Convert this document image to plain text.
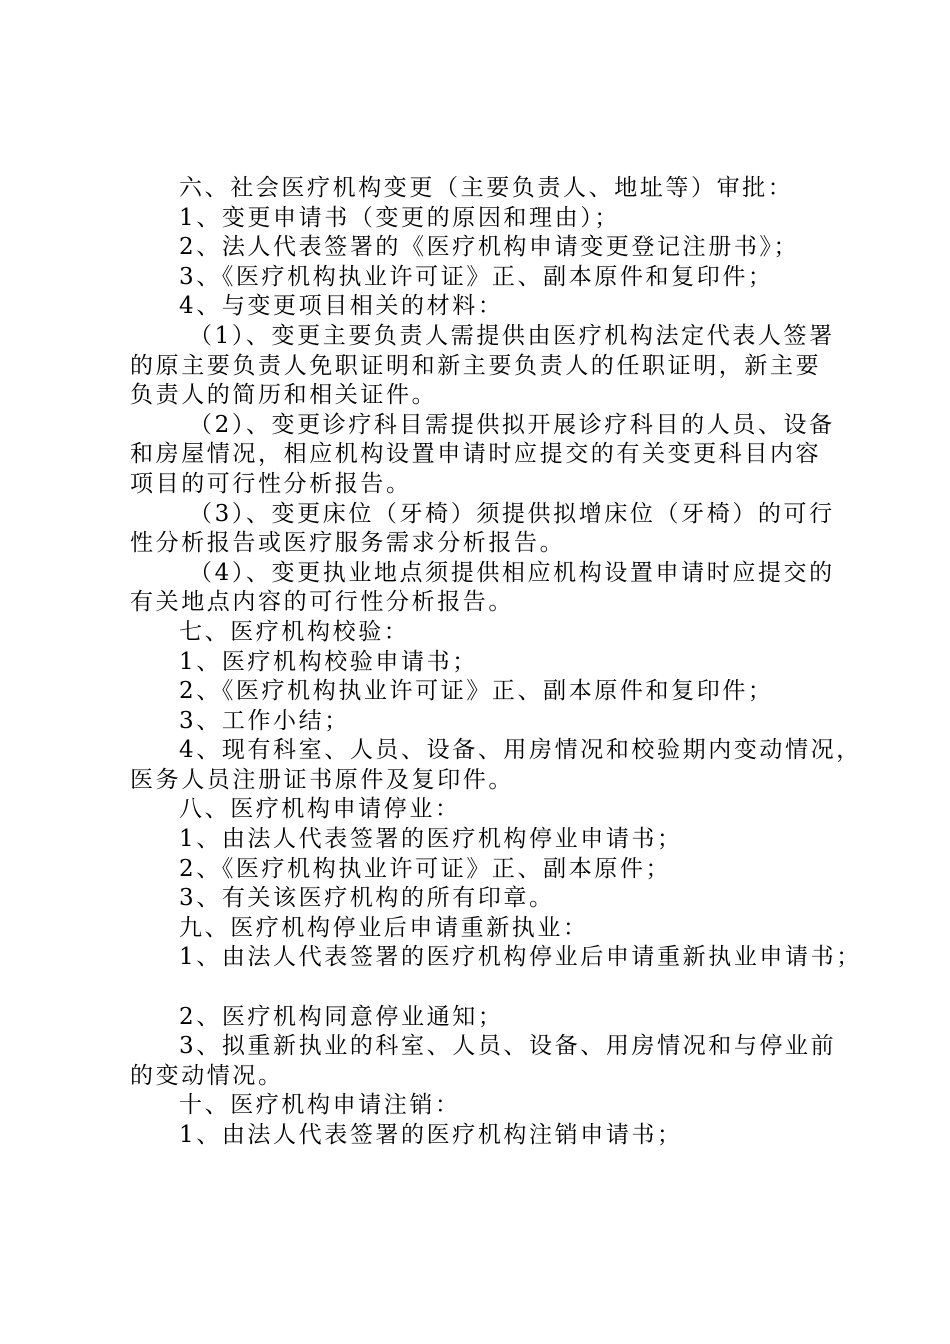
六、社会医疗机构变更（主要负责人、地址等）审批：
1、变更申请书（变更的原因和理由）；
2、法人代表签署的《医疗机构申请变更登记注册书》；
3、《医疗机构执业许可证》正、副本原件和复印件；
4、与变更项目相关的材料：
（1）、变更主要负责人需提供由医疗机构法定代表人签署
的原主要负责人免职证明和新主要负责人的任职证明，新主要
负责人的简历和相关证件。
（2）、变更诊疗科目需提供拟开展诊疗科目的人员、设备
和房屋情况，相应机构设置申请时应提交的有关变更科目内容
项目的可行性分析报告。
（3）、变更床位（牙椅）须提供拟增床位（牙椅）的可行
性分析报告或医疗服务需求分析报告。
（4）、变更执业地点须提供相应机构设置申请时应提交的
有关地点内容的可行性分析报告。
七、医疗机构校验：
1、医疗机构校验申请书；
2、《医疗机构执业许可证》正、副本原件和复印件；
3、工作小结；
4、现有科室、人员、设备、用房情况和校验期内变动情况，
医务人员注册证书原件及复印件。
八、医疗机构申请停业：
1、由法人代表签署的医疗机构停业申请书；
2、《医疗机构执业许可证》正、副本原件；
3、有关该医疗机构的所有印章。
九、医疗机构停业后申请重新执业：
1、由法人代表签署的医疗机构停业后申请重新执业申请书；
2、医疗机构同意停业通知；
3、拟重新执业的科室、人员、设备、用房情况和与停业前
的变动情况。
十、医疗机构申请注销：
1、由法人代表签署的医疗机构注销申请书；
